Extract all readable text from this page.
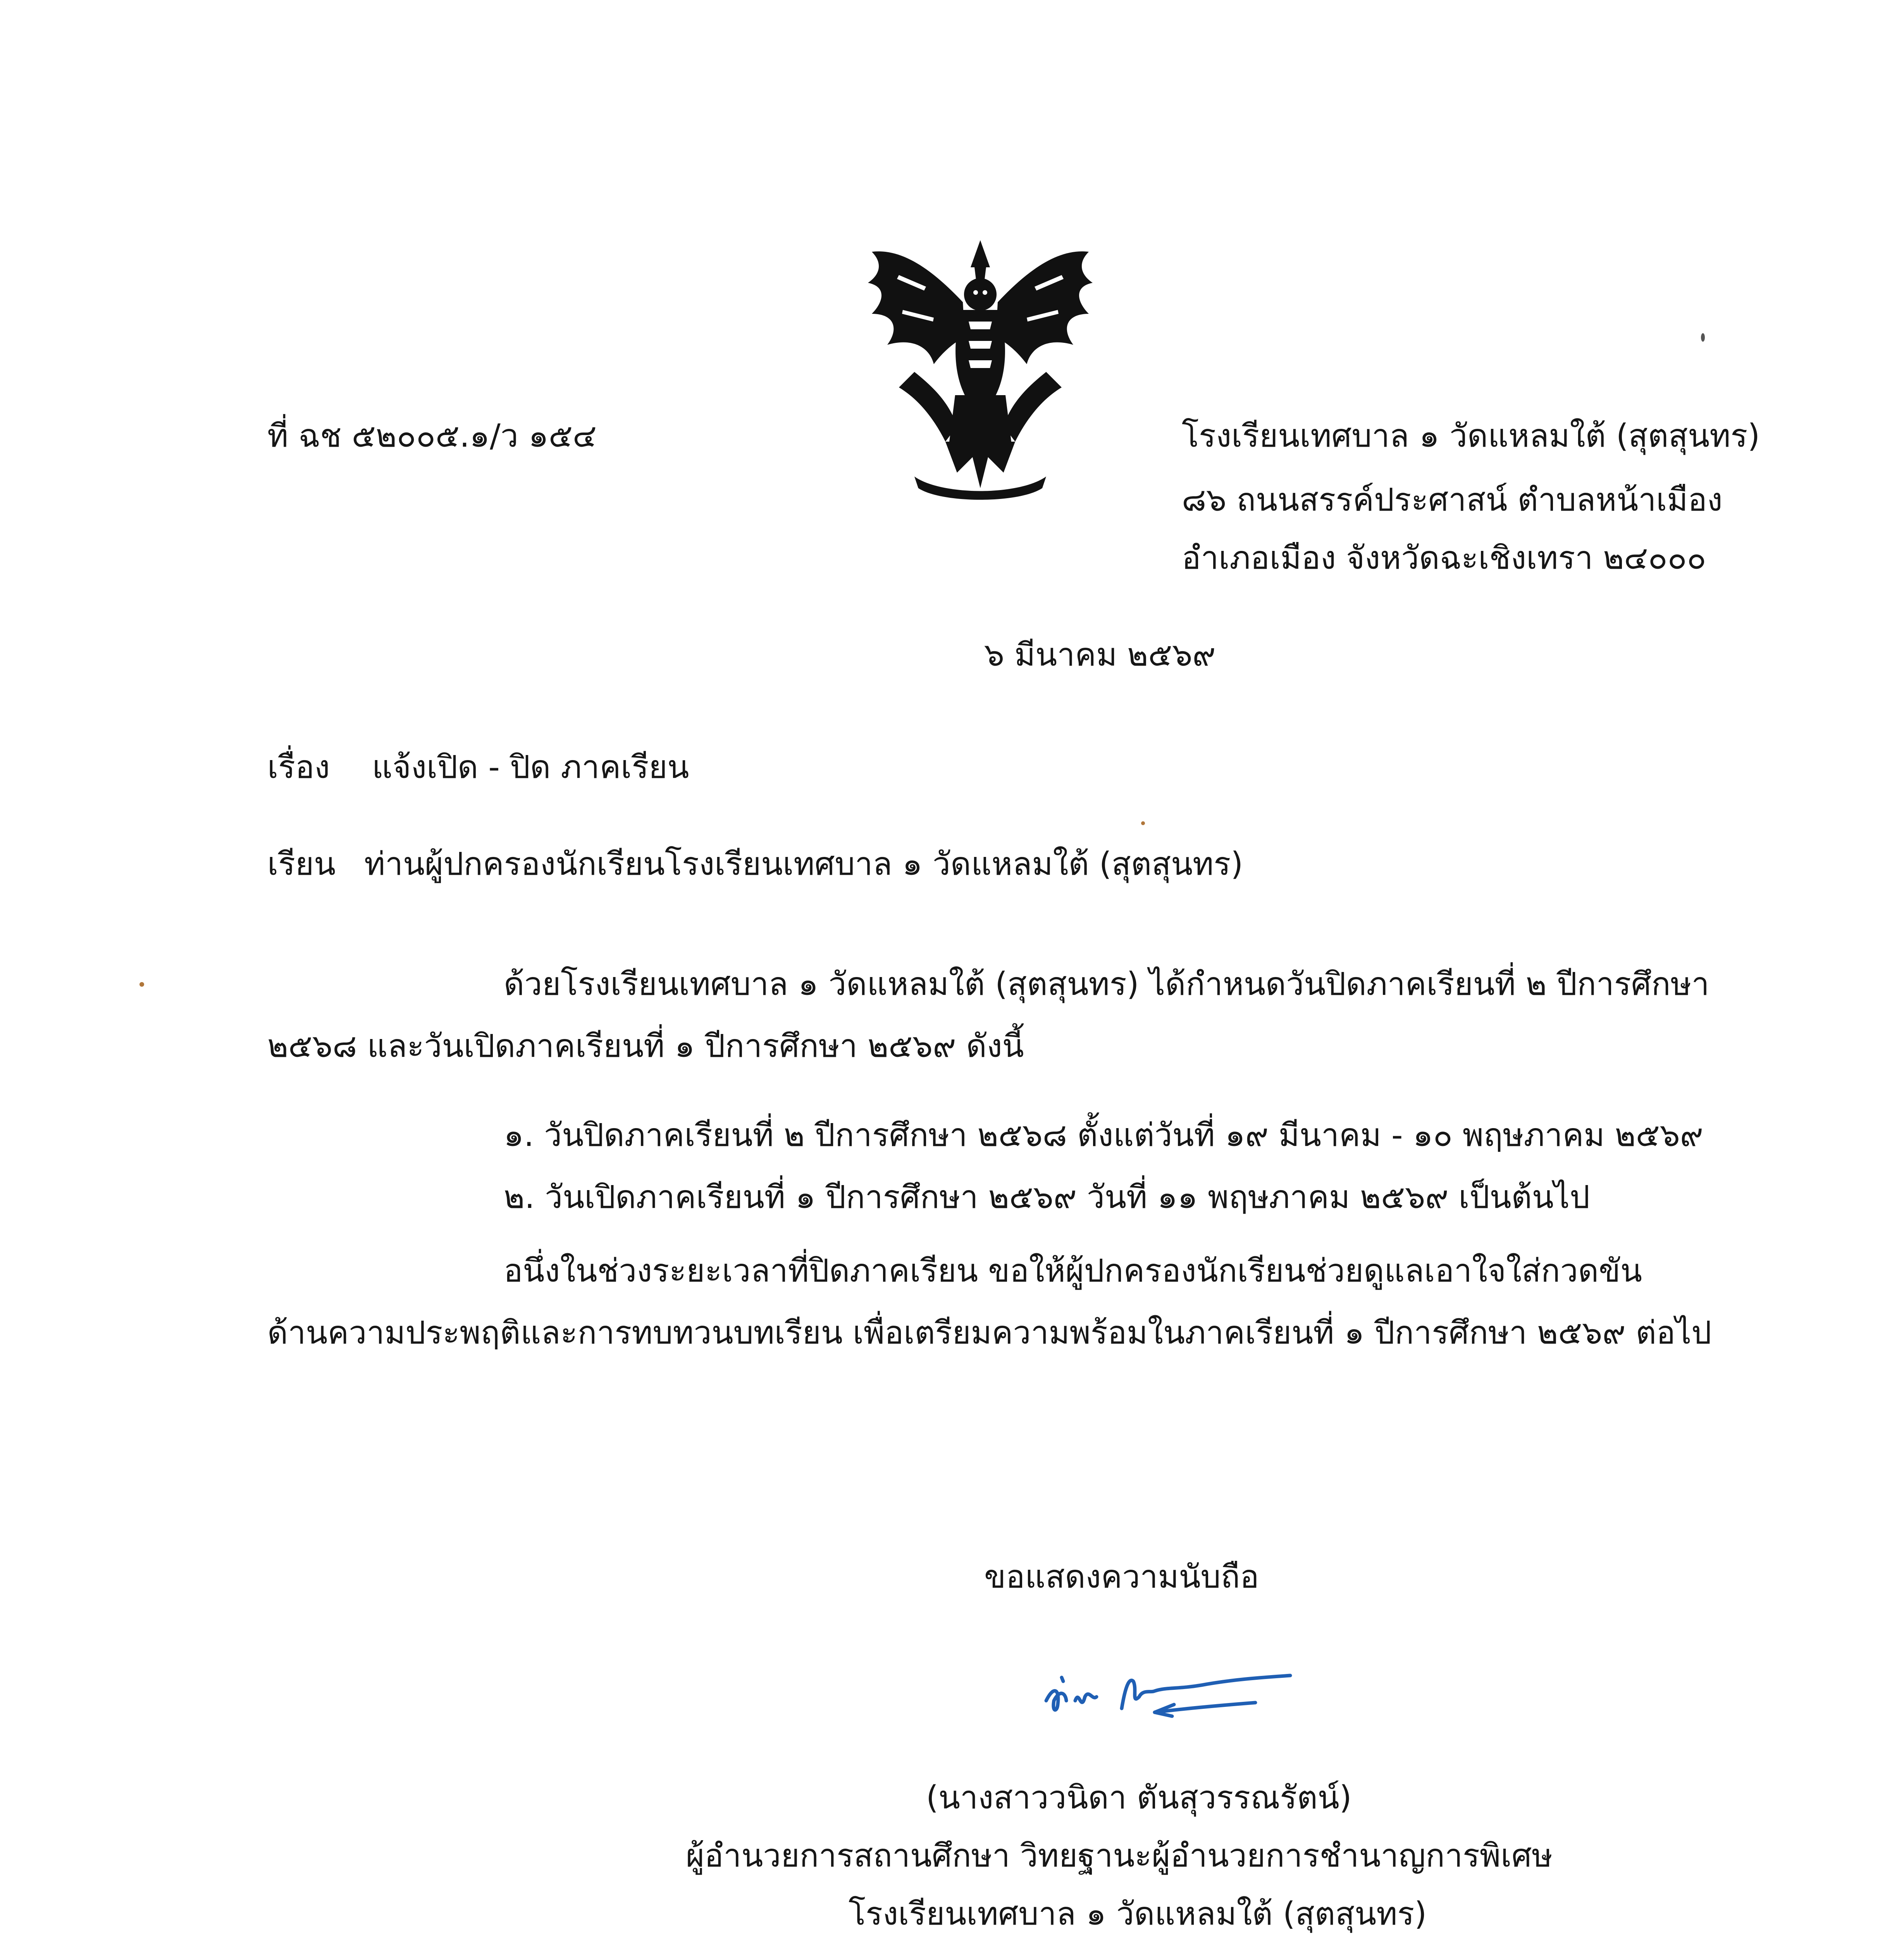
ที่ ฉช ๕๒๐๐๕.๑/ว ๑๕๔	โรงเรียนเทศบาล ๑ วัดแหลมใต้ (สุตสุนทร)
๘๖ ถนนสรรค์ประศาสน์ ตำบลหน้าเมือง
อำเภอเมือง จังหวัดฉะเชิงเทรา ๒๔๐๐๐
๖ มีนาคม ๒๕๖๙
เรื่อง แจ้งเปิด - ปิด ภาคเรียน
เรียน ท่านผู้ปกครองนักเรียนโรงเรียนเทศบาล ๑ วัดแหลมใต้ (สุตสุนทร)
ด้วยโรงเรียนเทศบาล ๑ วัดแหลมใต้ (สุตสุนทร) ได้กำหนดวันปิดภาคเรียนที่ ๒ ปีการศึกษา
๒๕๖๘ และวันเปิดภาคเรียนที่ ๑ ปีการศึกษา ๒๕๖๙ ดังนี้
๑. วันปิดภาคเรียนที่ ๒ ปีการศึกษา ๒๕๖๘ ตั้งแต่วันที่ ๑๙ มีนาคม - ๑๐ พฤษภาคม ๒๕๖๙
๒. วันเปิดภาคเรียนที่ ๑ ปีการศึกษา ๒๕๖๙ วันที่ ๑๑ พฤษภาคม ๒๕๖๙ เป็นต้นไป
อนึ่งในช่วงระยะเวลาที่ปิดภาคเรียน ขอให้ผู้ปกครองนักเรียนช่วยดูแลเอาใจใส่กวดขัน
ด้านความประพฤติและการทบทวนบทเรียน เพื่อเตรียมความพร้อมในภาคเรียนที่ ๑ ปีการศึกษา ๒๕๖๙ ต่อไป
ขอแสดงความนับถือ
(นางสาววนิดา ตันสุวรรณรัตน์)
ผู้อำนวยการสถานศึกษา วิทยฐานะผู้อำนวยการชำนาญการพิเศษ
โรงเรียนเทศบาล ๑ วัดแหลมใต้ (สุตสุนทร)
